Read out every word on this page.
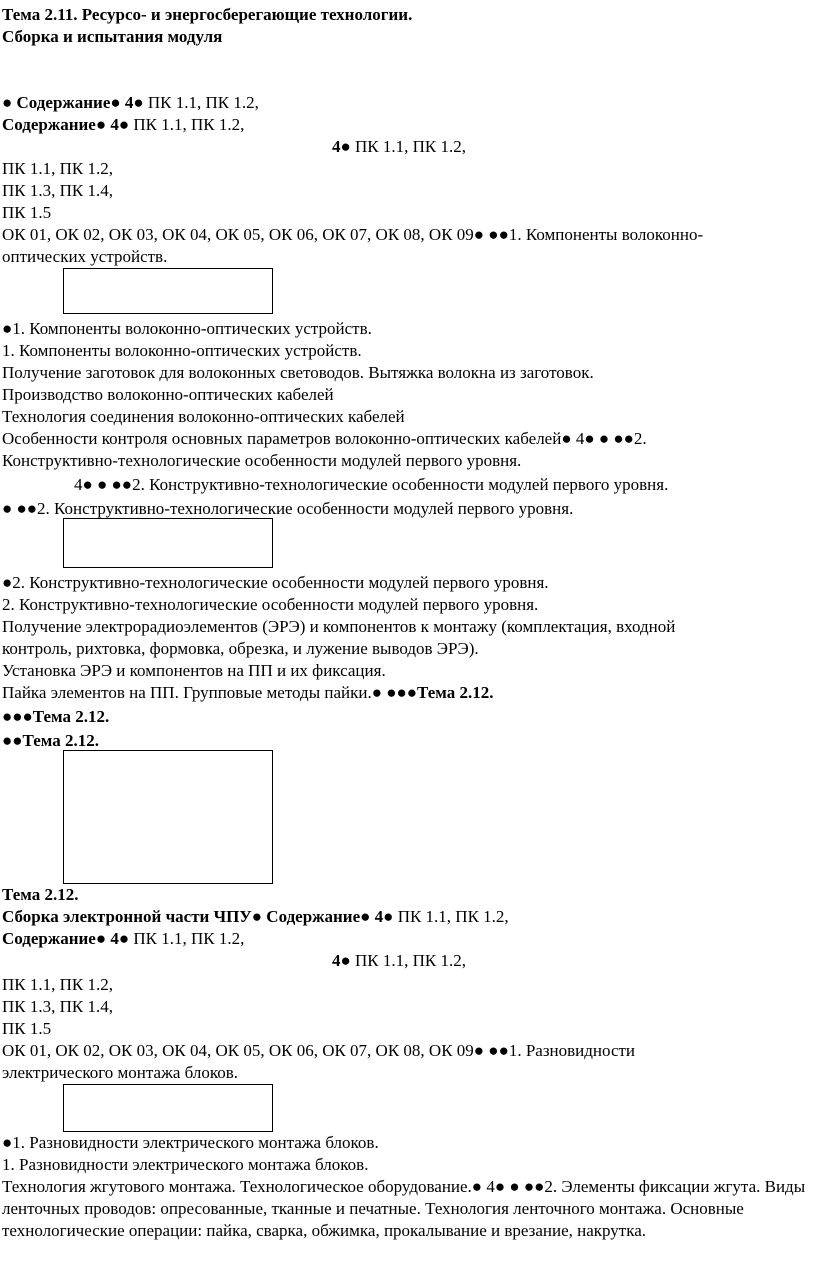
Тема 2.11. Ресурсо- и энергосберегающие технологии.

Сборка и испытания модуля

● Содержание● 4● ПК 1.1, ПК 1.2,

Содержание● 4● ПК 1.1, ПК 1.2,

4● ПК 1.1, ПК 1.2,

ПК 1.1, ПК 1.2,

ПК 1.3, ПК 1.4,

ПК 1.5

ОК 01, ОК 02, ОК 03, ОК 04, ОК 05, ОК 06, ОК 07, ОК 08, ОК 09● ●●1. Компоненты волоконно-

оптических устройств.

●1. Компоненты волоконно-оптических устройств.

1. Компоненты волоконно-оптических устройств.

Получение заготовок для волоконных световодов. Вытяжка волокна из заготовок.

Производство волоконно-оптических кабелей

Технология соединения волоконно-оптических кабелей

Особенности контроля основных параметров волоконно-оптических кабелей● 4● ● ●●2.

Конструктивно-технологические особенности модулей первого уровня.

4● ● ●●2. Конструктивно-технологические особенности модулей первого уровня.

● ●●2. Конструктивно-технологические особенности модулей первого уровня.

●2. Конструктивно-технологические особенности модулей первого уровня.

2. Конструктивно-технологические особенности модулей первого уровня.

Получение электрорадиоэлементов (ЭРЭ) и компонентов к монтажу (комплектация, входной

контроль, рихтовка, формовка, обрезка, и лужение выводов ЭРЭ).

Установка ЭРЭ и компонентов на ПП и их фиксация.

Пайка элементов на ПП. Групповые методы пайки.● ●●●Тема 2.12.

●●●Тема 2.12.

●●Тема 2.12.

Тема 2.12.

Сборка электронной части ЧПУ● Содержание● 4● ПК 1.1, ПК 1.2,

Содержание● 4● ПК 1.1, ПК 1.2,

4● ПК 1.1, ПК 1.2,

ПК 1.1, ПК 1.2,

ПК 1.3, ПК 1.4,

ПК 1.5

ОК 01, ОК 02, ОК 03, ОК 04, ОК 05, ОК 06, ОК 07, ОК 08, ОК 09● ●●1. Разновидности

электрического монтажа блоков.

●1. Разновидности электрического монтажа блоков.

1. Разновидности электрического монтажа блоков.

Технология жгутового монтажа. Технологическое оборудование.● 4● ● ●●2. Элементы фиксации жгута. Виды ленточных проводов: опресованные, тканные и печатные. Технология ленточного монтажа. Основные технологические операции: пайка, сварка, обжимка, прокалывание и врезание, накрутка.
